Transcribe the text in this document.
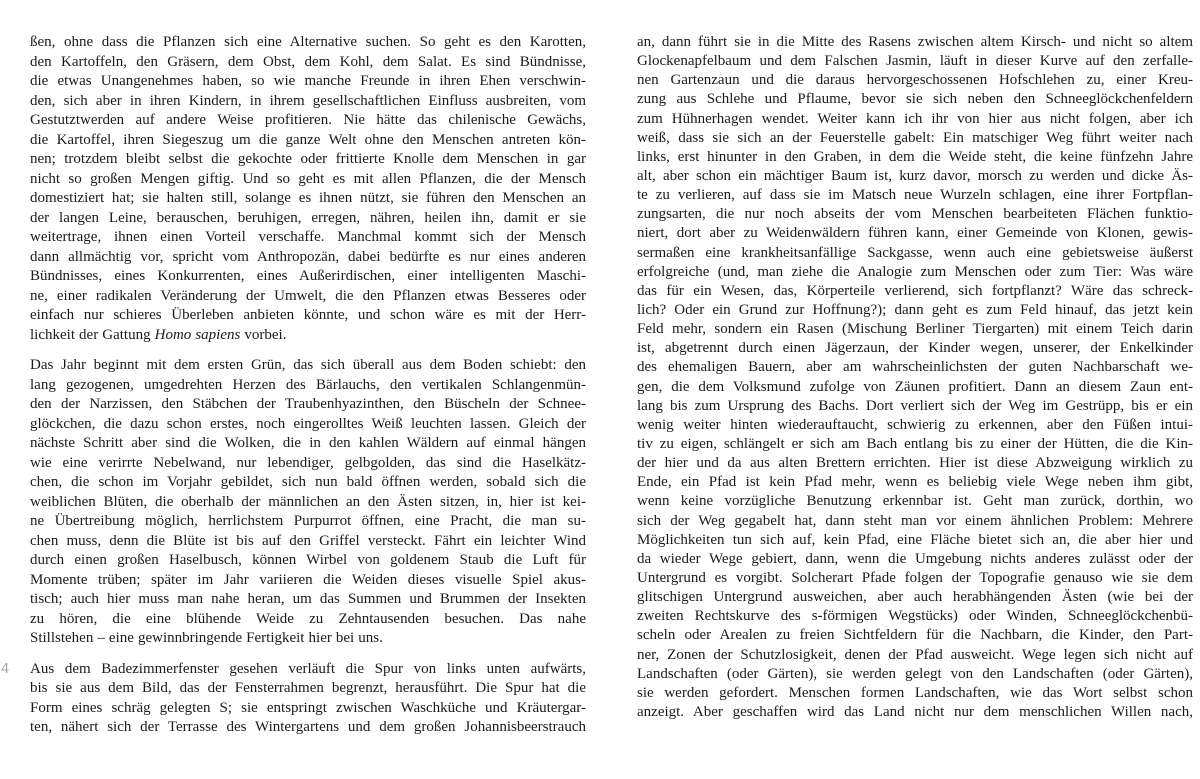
ßen, ohne dass die Pflanzen sich eine Alternative suchen. So geht es den Karotten,
den Kartoffeln, den Gräsern, dem Obst, dem Kohl, dem Salat. Es sind Bündnisse,
die etwas Unangenehmes haben, so wie manche Freunde in ihren Ehen verschwin-
den, sich aber in ihren Kindern, in ihrem gesellschaftlichen Einfluss ausbreiten, vom
Gestutztwerden auf andere Weise profitieren. Nie hätte das chilenische Gewächs,
die Kartoffel, ihren Siegeszug um die ganze Welt ohne den Menschen antreten kön-
nen; trotzdem bleibt selbst die gekochte oder frittierte Knolle dem Menschen in gar
nicht so großen Mengen giftig. Und so geht es mit allen Pflanzen, die der Mensch
domestiziert hat; sie halten still, solange es ihnen nützt, sie führen den Menschen an
der langen Leine, berauschen, beruhigen, erregen, nähren, heilen ihn, damit er sie
weitertrage, ihnen einen Vorteil verschaffe. Manchmal kommt sich der Mensch
dann allmächtig vor, spricht vom Anthropozän, dabei bedürfte es nur eines anderen
Bündnisses, eines Konkurrenten, eines Außerirdischen, einer intelligenten Maschi-
ne, einer radikalen Veränderung der Umwelt, die den Pflanzen etwas Besseres oder
einfach nur schieres Überleben anbieten könnte, und schon wäre es mit der Herr-
lichkeit der Gattung Homo sapiens vorbei.
Das Jahr beginnt mit dem ersten Grün, das sich überall aus dem Boden schiebt: den
lang gezogenen, umgedrehten Herzen des Bärlauchs, den vertikalen Schlangenmün-
den der Narzissen, den Stäbchen der Traubenhyazinthen, den Büscheln der Schnee-
glöckchen, die dazu schon erstes, noch eingerolltes Weiß leuchten lassen. Gleich der
nächste Schritt aber sind die Wolken, die in den kahlen Wäldern auf einmal hängen
wie eine verirrte Nebelwand, nur lebendiger, gelbgolden, das sind die Haselkätz-
chen, die schon im Vorjahr gebildet, sich nun bald öffnen werden, sobald sich die
weiblichen Blüten, die oberhalb der männlichen an den Ästen sitzen, in, hier ist kei-
ne Übertreibung möglich, herrlichstem Purpurrot öffnen, eine Pracht, die man su-
chen muss, denn die Blüte ist bis auf den Griffel versteckt. Fährt ein leichter Wind
durch einen großen Haselbusch, können Wirbel von goldenem Staub die Luft für
Momente trüben; später im Jahr variieren die Weiden dieses visuelle Spiel akus-
tisch; auch hier muss man nahe heran, um das Summen und Brummen der Insekten
zu hören, die eine blühende Weide zu Zehntausenden besuchen. Das nahe
Stillstehen – eine gewinnbringende Fertigkeit hier bei uns.
4 Aus dem Badezimmerfenster gesehen verläuft die Spur von links unten aufwärts,
bis sie aus dem Bild, das der Fensterrahmen begrenzt, herausführt. Die Spur hat die
Form eines schräg gelegten S; sie entspringt zwischen Waschküche und Kräutergar-
ten, nähert sich der Terrasse des Wintergartens und dem großen Johannisbeerstrauch
an, dann führt sie in die Mitte des Rasens zwischen altem Kirsch- und nicht so altem
Glockenapfelbaum und dem Falschen Jasmin, läuft in dieser Kurve auf den zerfalle-
nen Gartenzaun und die daraus hervorgeschossenen Hofschlehen zu, einer Kreu-
zung aus Schlehe und Pflaume, bevor sie sich neben den Schneeglöckchenfeldern
zum Hühnerhagen wendet. Weiter kann ich ihr von hier aus nicht folgen, aber ich
weiß, dass sie sich an der Feuerstelle gabelt: Ein matschiger Weg führt weiter nach
links, erst hinunter in den Graben, in dem die Weide steht, die keine fünfzehn Jahre
alt, aber schon ein mächtiger Baum ist, kurz davor, morsch zu werden und dicke Äs-
te zu verlieren, auf dass sie im Matsch neue Wurzeln schlagen, eine ihrer Fortpflan-
zungsarten, die nur noch abseits der vom Menschen bearbeiteten Flächen funktio-
niert, dort aber zu Weidenwäldern führen kann, einer Gemeinde von Klonen, gewis-
sermaßen eine krankheitsanfällige Sackgasse, wenn auch eine gebietsweise äußerst
erfolgreiche (und, man ziehe die Analogie zum Menschen oder zum Tier: Was wäre
das für ein Wesen, das, Körperteile verlierend, sich fortpflanzt? Wäre das schreck-
lich? Oder ein Grund zur Hoffnung?); dann geht es zum Feld hinauf, das jetzt kein
Feld mehr, sondern ein Rasen (Mischung Berliner Tiergarten) mit einem Teich darin
ist, abgetrennt durch einen Jägerzaun, der Kinder wegen, unserer, der Enkelkinder
des ehemaligen Bauern, aber am wahrscheinlichsten der guten Nachbarschaft we-
gen, die dem Volksmund zufolge von Zäunen profitiert. Dann an diesem Zaun ent-
lang bis zum Ursprung des Bachs. Dort verliert sich der Weg im Gestrüpp, bis er ein
wenig weiter hinten wiederauftaucht, schwierig zu erkennen, aber den Füßen intui-
tiv zu eigen, schlängelt er sich am Bach entlang bis zu einer der Hütten, die die Kin-
der hier und da aus alten Brettern errichten. Hier ist diese Abzweigung wirklich zu
Ende, ein Pfad ist kein Pfad mehr, wenn es beliebig viele Wege neben ihm gibt,
wenn keine vorzügliche Benutzung erkennbar ist. Geht man zurück, dorthin, wo
sich der Weg gegabelt hat, dann steht man vor einem ähnlichen Problem: Mehrere
Möglichkeiten tun sich auf, kein Pfad, eine Fläche bietet sich an, die aber hier und
da wieder Wege gebiert, dann, wenn die Umgebung nichts anderes zulässt oder der
Untergrund es vorgibt. Solcherart Pfade folgen der Topografie genauso wie sie dem
glitschigen Untergrund ausweichen, aber auch herabhängenden Ästen (wie bei der
zweiten Rechtskurve des s-förmigen Wegstücks) oder Winden, Schneeglöckchenbü-
scheln oder Arealen zu freien Sichtfeldern für die Nachbarn, die Kinder, den Part-
ner, Zonen der Schutzlosigkeit, denen der Pfad ausweicht. Wege legen sich nicht auf
Landschaften (oder Gärten), sie werden gelegt von den Landschaften (oder Gärten),
sie werden gefordert. Menschen formen Landschaften, wie das Wort selbst schon
anzeigt. Aber geschaffen wird das Land nicht nur dem menschlichen Willen nach,
